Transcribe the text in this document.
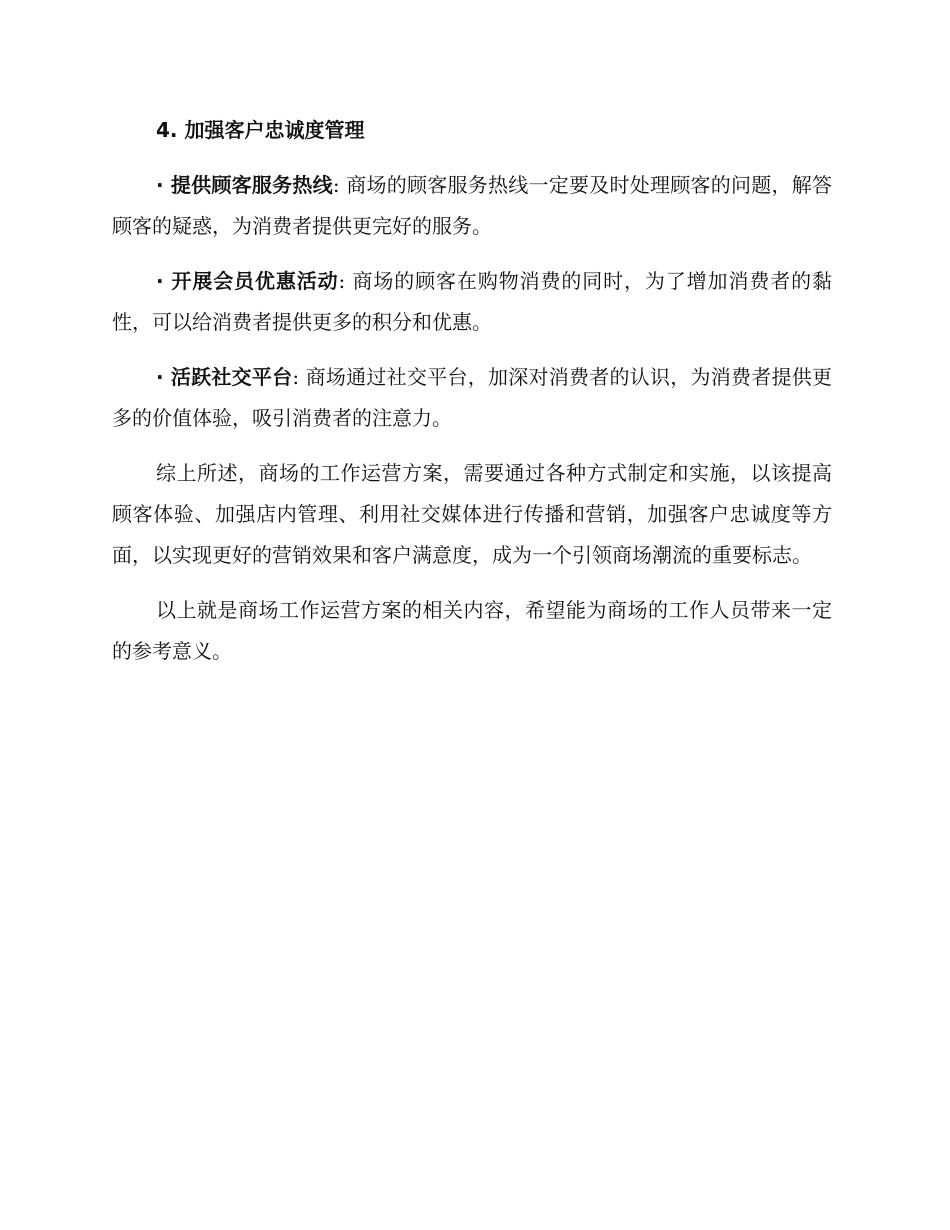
4. 加强客户忠诚度管理

· 提供顾客服务热线: 商场的顾客服务热线一定要及时处理顾客的问题，解答顾客的疑惑，为消费者提供更完好的服务。

· 开展会员优惠活动: 商场的顾客在购物消费的同时，为了增加消费者的黏性，可以给消费者提供更多的积分和优惠。

· 活跃社交平台: 商场通过社交平台，加深对消费者的认识，为消费者提供更多的价值体验，吸引消费者的注意力。

综上所述，商场的工作运营方案，需要通过各种方式制定和实施，以该提高顾客体验、加强店内管理、利用社交媒体进行传播和营销，加强客户忠诚度等方面，以实现更好的营销效果和客户满意度，成为一个引领商场潮流的重要标志。

以上就是商场工作运营方案的相关内容，希望能为商场的工作人员带来一定的参考意义。
